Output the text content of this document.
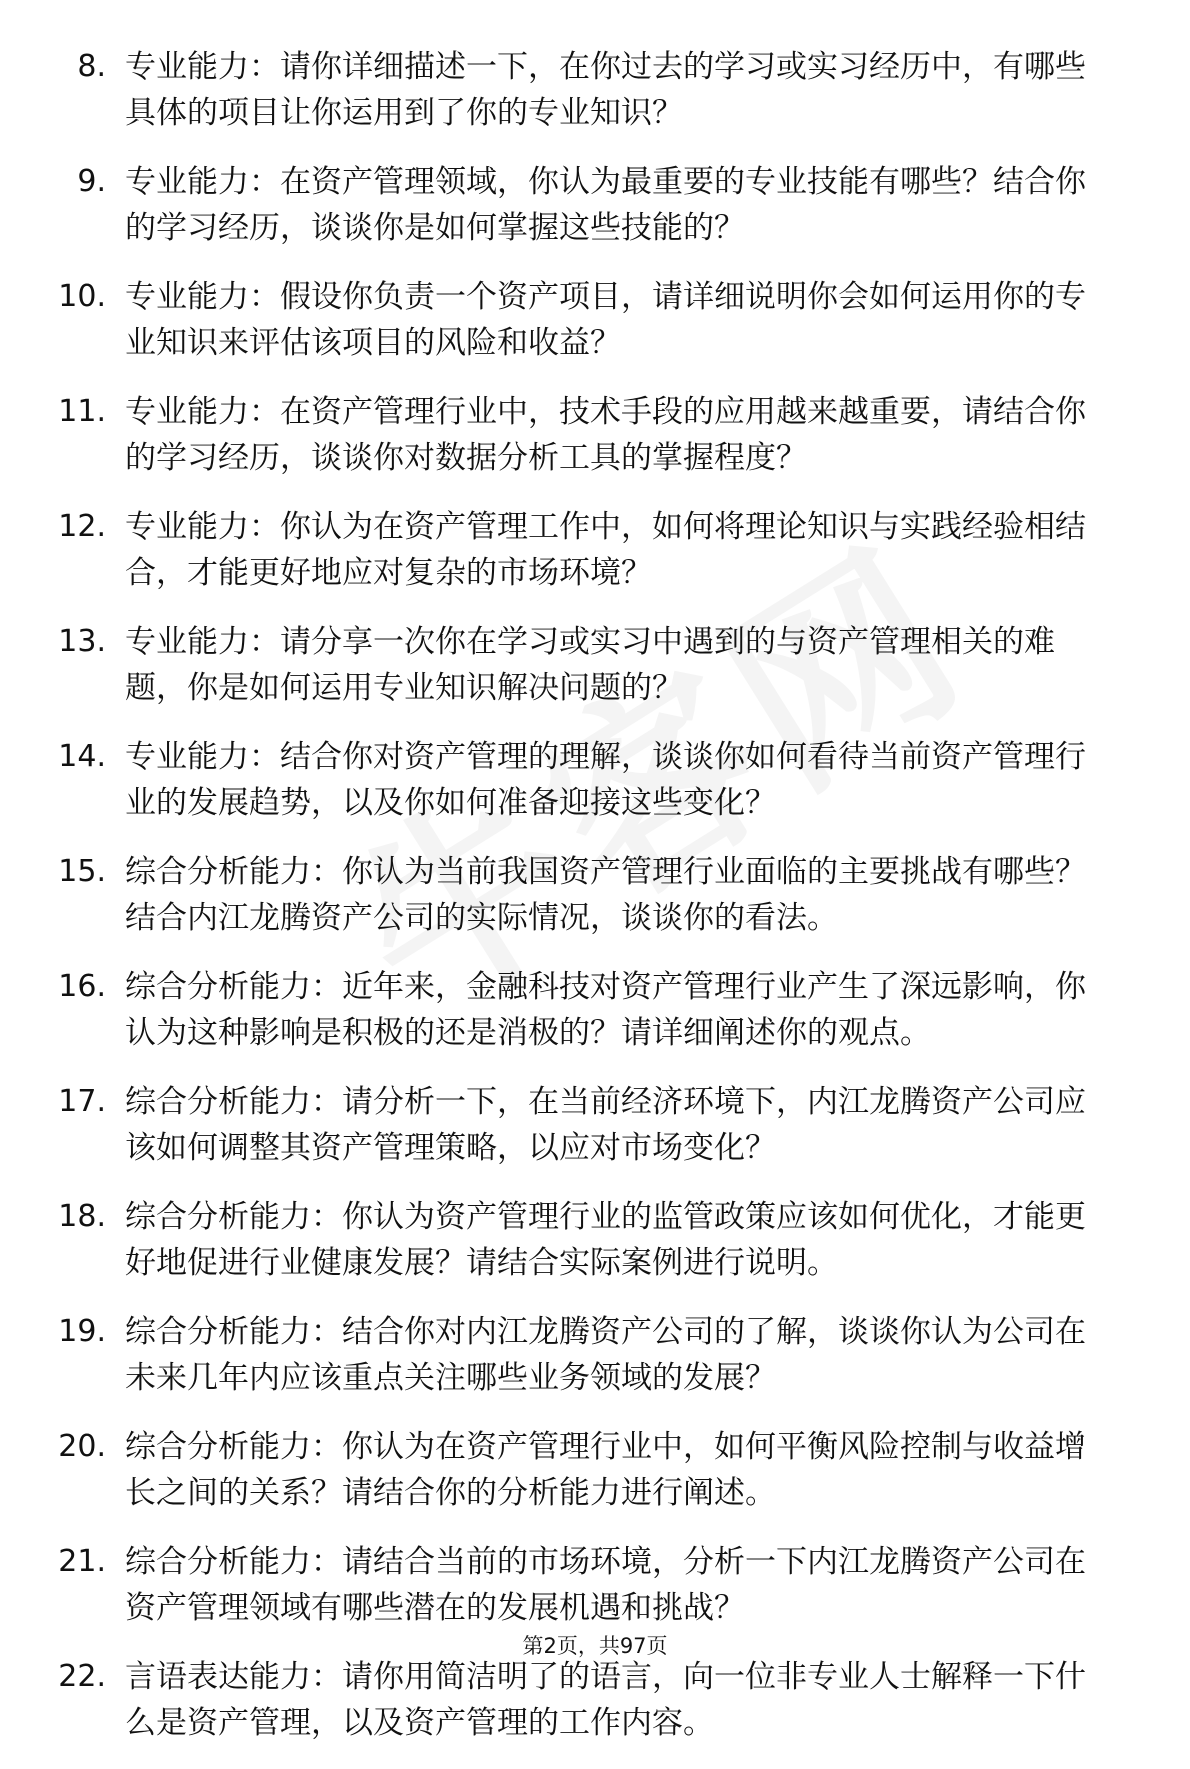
8. 专业能力：请你详细描述一下，在你过去的学习或实习经历中，有哪些具体的项目让你运用到了你的专业知识？
9. 专业能力：在资产管理领域，你认为最重要的专业技能有哪些？结合你的学习经历，谈谈你是如何掌握这些技能的？
10. 专业能力：假设你负责一个资产项目，请详细说明你会如何运用你的专业知识来评估该项目的风险和收益？
11. 专业能力：在资产管理行业中，技术手段的应用越来越重要，请结合你的学习经历，谈谈你对数据分析工具的掌握程度？
12. 专业能力：你认为在资产管理工作中，如何将理论知识与实践经验相结合，才能更好地应对复杂的市场环境？
13. 专业能力：请分享一次你在学习或实习中遇到的与资产管理相关的难题，你是如何运用专业知识解决问题的？
14. 专业能力：结合你对资产管理的理解，谈谈你如何看待当前资产管理行业的发展趋势，以及你如何准备迎接这些变化？
15. 综合分析能力：你认为当前我国资产管理行业面临的主要挑战有哪些？结合内江龙腾资产公司的实际情况，谈谈你的看法。
16. 综合分析能力：近年来，金融科技对资产管理行业产生了深远影响，你认为这种影响是积极的还是消极的？请详细阐述你的观点。
17. 综合分析能力：请分析一下，在当前经济环境下，内江龙腾资产公司应该如何调整其资产管理策略，以应对市场变化？
18. 综合分析能力：你认为资产管理行业的监管政策应该如何优化，才能更好地促进行业健康发展？请结合实际案例进行说明。
19. 综合分析能力：结合你对内江龙腾资产公司的了解，谈谈你认为公司在未来几年内应该重点关注哪些业务领域的发展？
20. 综合分析能力：你认为在资产管理行业中，如何平衡风险控制与收益增长之间的关系？请结合你的分析能力进行阐述。
21. 综合分析能力：请结合当前的市场环境，分析一下内江龙腾资产公司在资产管理领域有哪些潜在的发展机遇和挑战？
22. 言语表达能力：请你用简洁明了的语言，向一位非专业人士解释一下什么是资产管理，以及资产管理的工作内容。
第2页，共97页
